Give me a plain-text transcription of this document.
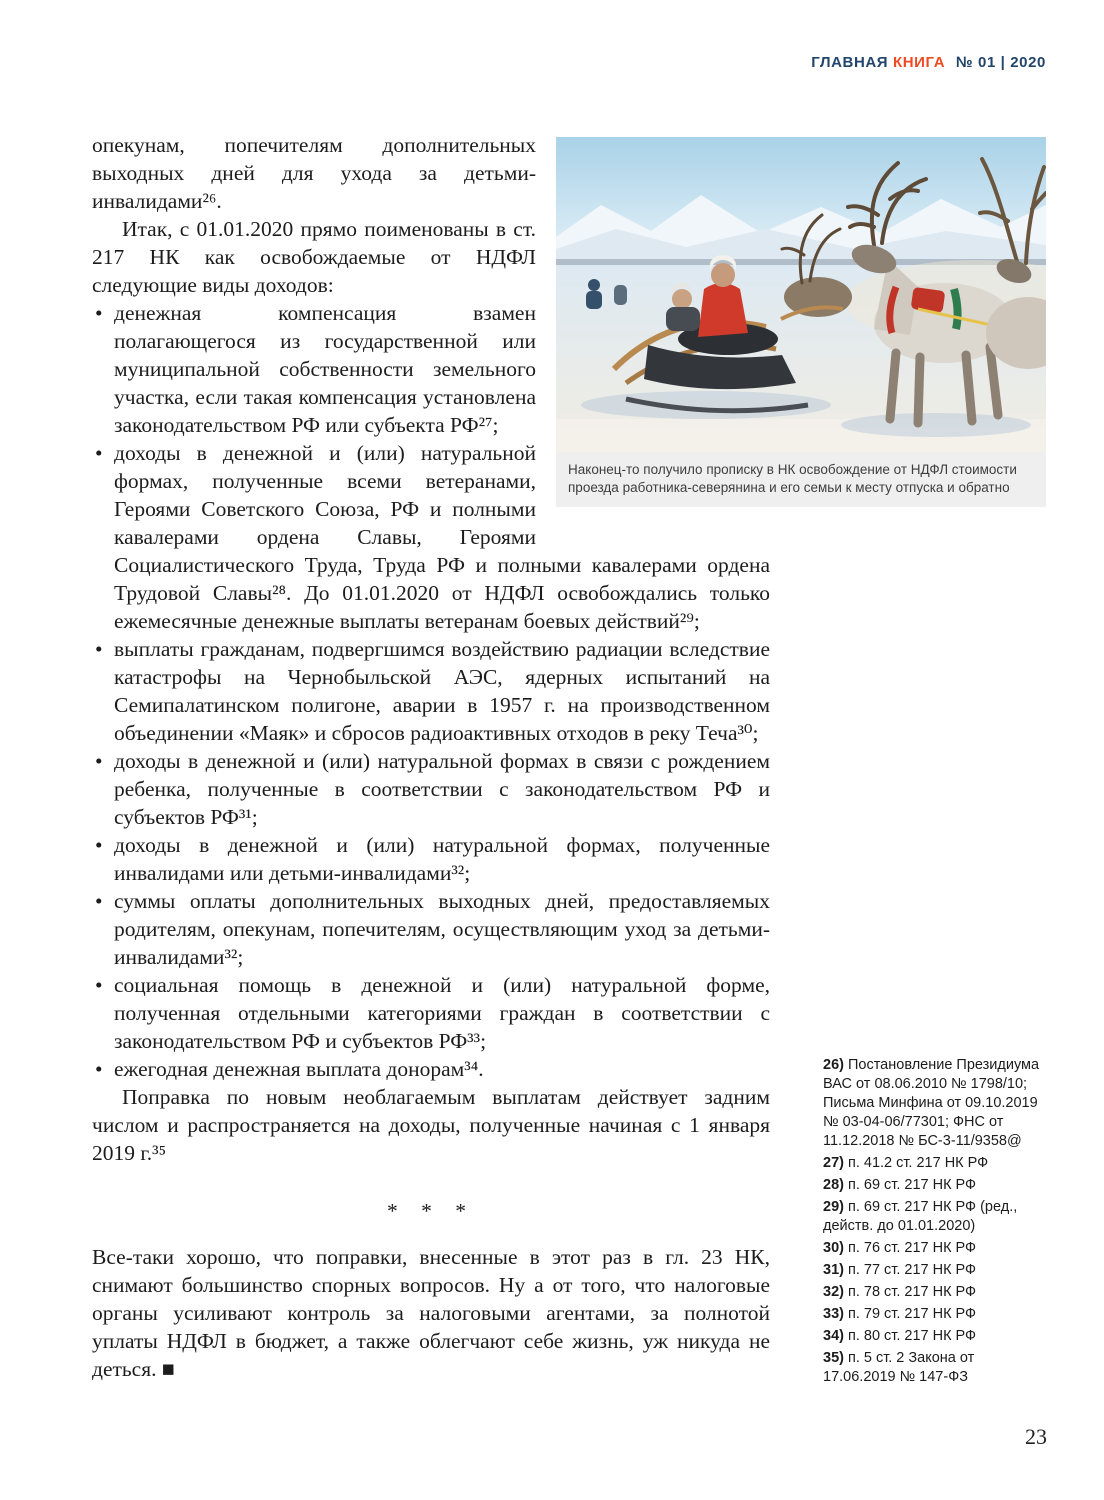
ГЛАВНАЯ КНИГА № 01 | 2020
Наконец-то получило прописку в НК освобождение от НДФЛ стоимости проезда работника-северянина и его семьи к месту отпуска и обратно

опекунам, попечителям дополнительных выходных дней для ухода за детьми-инвалидами²⁶.

Итак, с 01.01.2020 прямо поименованы в ст. 217 НК как освобождаемые от НДФЛ следующие виды доходов:

• денежная компенсация взамен полагающегося из государственной или муниципальной собственности земельного участка, если такая компенсация установлена законодательством РФ или субъекта РФ²⁷;
• доходы в денежной и (или) натуральной формах, полученные всеми ветеранами, Героями Советского Союза, РФ и полными кавалерами ордена Славы, Героями Социалистического Труда, Труда РФ и полными кавалерами ордена Трудовой Славы²⁸. До 01.01.2020 от НДФЛ освобождались только ежемесячные денежные выплаты ветеранам боевых действий²⁹;
• выплаты гражданам, подвергшимся воздействию радиации вследствие катастрофы на Чернобыльской АЭС, ядерных испытаний на Семипалатинском полигоне, аварии в 1957 г. на производственном объединении «Маяк» и сбросов радиоактивных отходов в реку Теча³⁰;
• доходы в денежной и (или) натуральной формах в связи с рождением ребенка, полученные в соответствии с законодательством РФ и субъектов РФ³¹;
• доходы в денежной и (или) натуральной формах, полученные инвалидами или детьми-инвалидами³²;
• суммы оплаты дополнительных выходных дней, предоставляемых родителям, опекунам, попечителям, осуществляющим уход за детьми-инвалидами³²;
• социальная помощь в денежной и (или) натуральной форме, полученная отдельными категориями граждан в соответствии с законодательством РФ и субъектов РФ³³;
• ежегодная денежная выплата донорам³⁴.

Поправка по новым необлагаемым выплатам действует задним числом и распространяется на доходы, полученные начиная с 1 января 2019 г.³⁵

* * *

Все-таки хорошо, что поправки, внесенные в этот раз в гл. 23 НК, снимают большинство спорных вопросов. Ну а от того, что налоговые органы усиливают контроль за налоговыми агентами, за полнотой уплаты НДФЛ в бюджет, а также облегчают себе жизнь, уж никуда не деться. ■

26) Постановление Президиума ВАС от 08.06.2010 № 1798/10; Письма Минфина от 09.10.2019 № 03-04-06/77301; ФНС от 11.12.2018 № БС-3-11/9358@
27) п. 41.2 ст. 217 НК РФ
28) п. 69 ст. 217 НК РФ
29) п. 69 ст. 217 НК РФ (ред., действ. до 01.01.2020)
30) п. 76 ст. 217 НК РФ
31) п. 77 ст. 217 НК РФ
32) п. 78 ст. 217 НК РФ
33) п. 79 ст. 217 НК РФ
34) п. 80 ст. 217 НК РФ
35) п. 5 ст. 2 Закона от 17.06.2019 № 147-ФЗ
23
